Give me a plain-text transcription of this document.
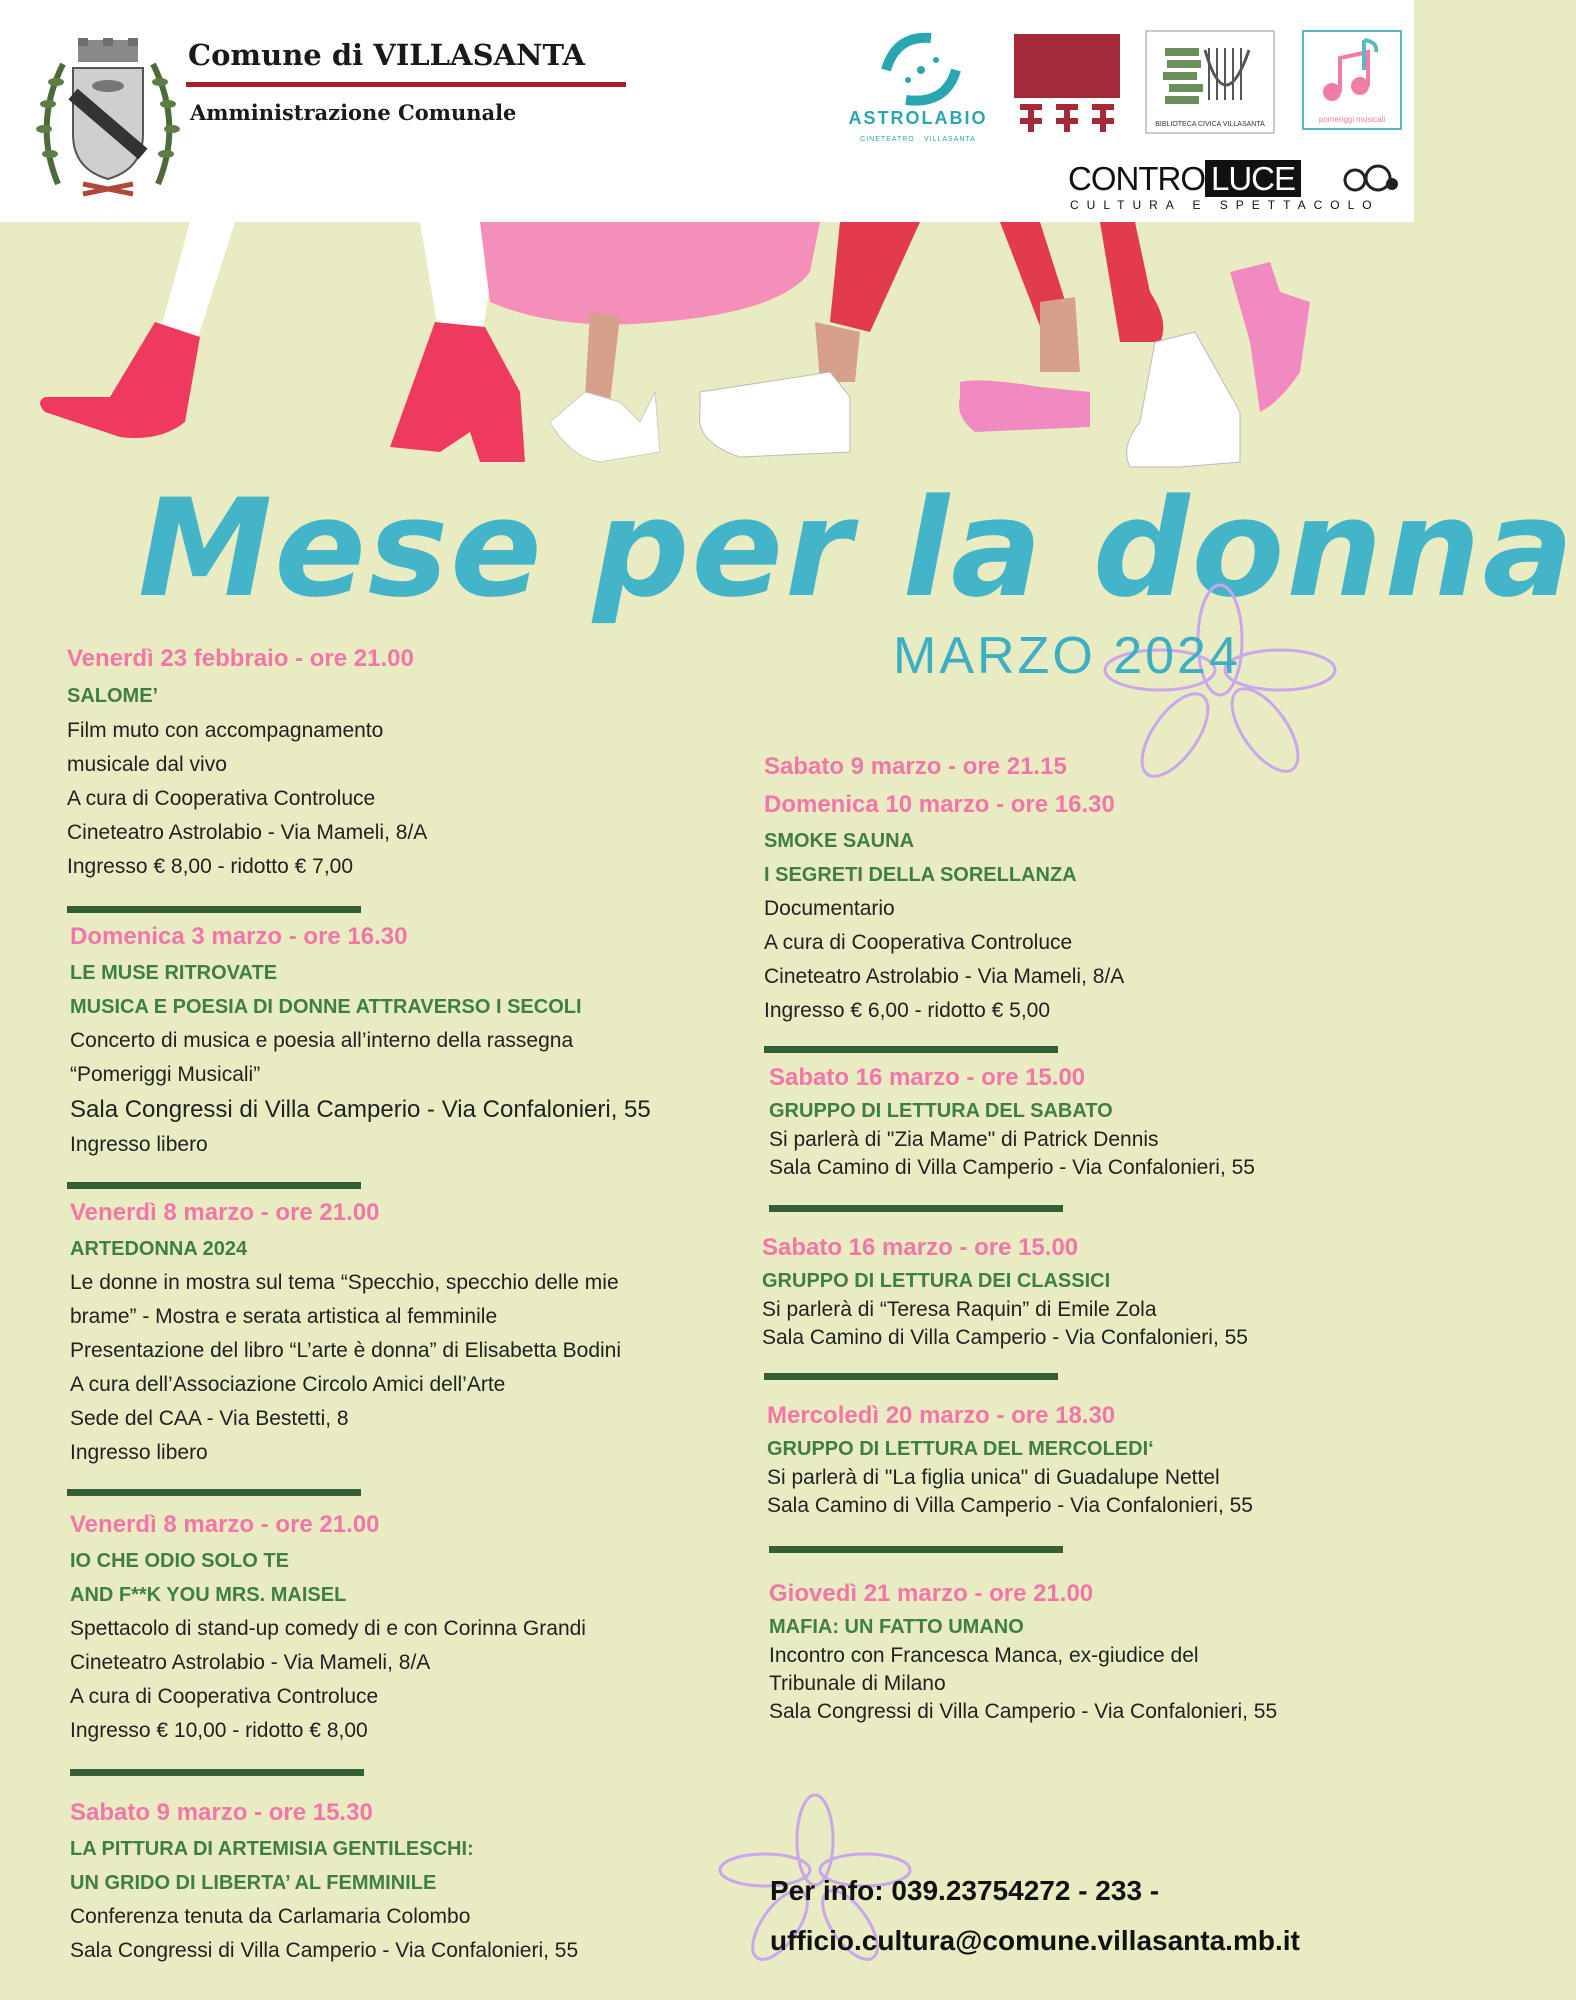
Comune di VILLASANTA
Amministrazione Comunale	ASTROLABIO
CINETEATRO · VILLASANTA
BIBLIOTECA CIVICA VILLASANTA
pomeriggi musicali
CONTRO LUCE
CULTURA E SPETTACOLO
Mese per la donna
MARZO 2024
Venerdì 23 febbraio - ore 21.00
SALOME’
Film muto con accompagnamento
musicale dal vivo
A cura di Cooperativa Controluce
Cineteatro Astrolabio - Via Mameli, 8/A
Ingresso € 8,00 - ridotto € 7,00
Domenica 3 marzo - ore 16.30
LE MUSE RITROVATE
MUSICA E POESIA DI DONNE ATTRAVERSO I SECOLI
Concerto di musica e poesia all’interno della rassegna
“Pomeriggi Musicali”
Sala Congressi di Villa Camperio - Via Confalonieri, 55
Ingresso libero
Venerdì 8 marzo - ore 21.00
ARTEDONNA 2024
Le donne in mostra sul tema “Specchio, specchio delle mie
brame” - Mostra e serata artistica al femminile
Presentazione del libro “L’arte è donna” di Elisabetta Bodini
A cura dell’Associazione Circolo Amici dell’Arte
Sede del CAA - Via Bestetti, 8
Ingresso libero
Venerdì 8 marzo - ore 21.00
IO CHE ODIO SOLO TE
AND F**K YOU MRS. MAISEL
Spettacolo di stand-up comedy di e con Corinna Grandi
Cineteatro Astrolabio - Via Mameli, 8/A
A cura di Cooperativa Controluce
Ingresso € 10,00 - ridotto € 8,00
Sabato 9 marzo - ore 15.30
LA PITTURA DI ARTEMISIA GENTILESCHI:
UN GRIDO DI LIBERTA’ AL FEMMINILE
Conferenza tenuta da Carlamaria Colombo
Sala Congressi di Villa Camperio - Via Confalonieri, 55
Sabato 9 marzo - ore 21.15
Domenica 10 marzo - ore 16.30
SMOKE SAUNA
I SEGRETI DELLA SORELLANZA
Documentario
A cura di Cooperativa Controluce
Cineteatro Astrolabio - Via Mameli, 8/A
Ingresso € 6,00 - ridotto € 5,00
Sabato 16 marzo - ore 15.00
GRUPPO DI LETTURA DEL SABATO
Si parlerà di "Zia Mame" di Patrick Dennis
Sala Camino di Villa Camperio - Via Confalonieri, 55
Sabato 16 marzo - ore 15.00
GRUPPO DI LETTURA DEI CLASSICI
Si parlerà di “Teresa Raquin” di Emile Zola
Sala Camino di Villa Camperio - Via Confalonieri, 55
Mercoledì 20 marzo - ore 18.30
GRUPPO DI LETTURA DEL MERCOLEDI‘
Si parlerà di "La figlia unica" di Guadalupe Nettel
Sala Camino di Villa Camperio - Via Confalonieri, 55
Giovedì 21 marzo - ore 21.00
MAFIA: UN FATTO UMANO
Incontro con Francesca Manca, ex-giudice del
Tribunale di Milano
Sala Congressi di Villa Camperio - Via Confalonieri, 55
Per info: 039.23754272 - 233 -
ufficio.cultura@comune.villasanta.mb.it
